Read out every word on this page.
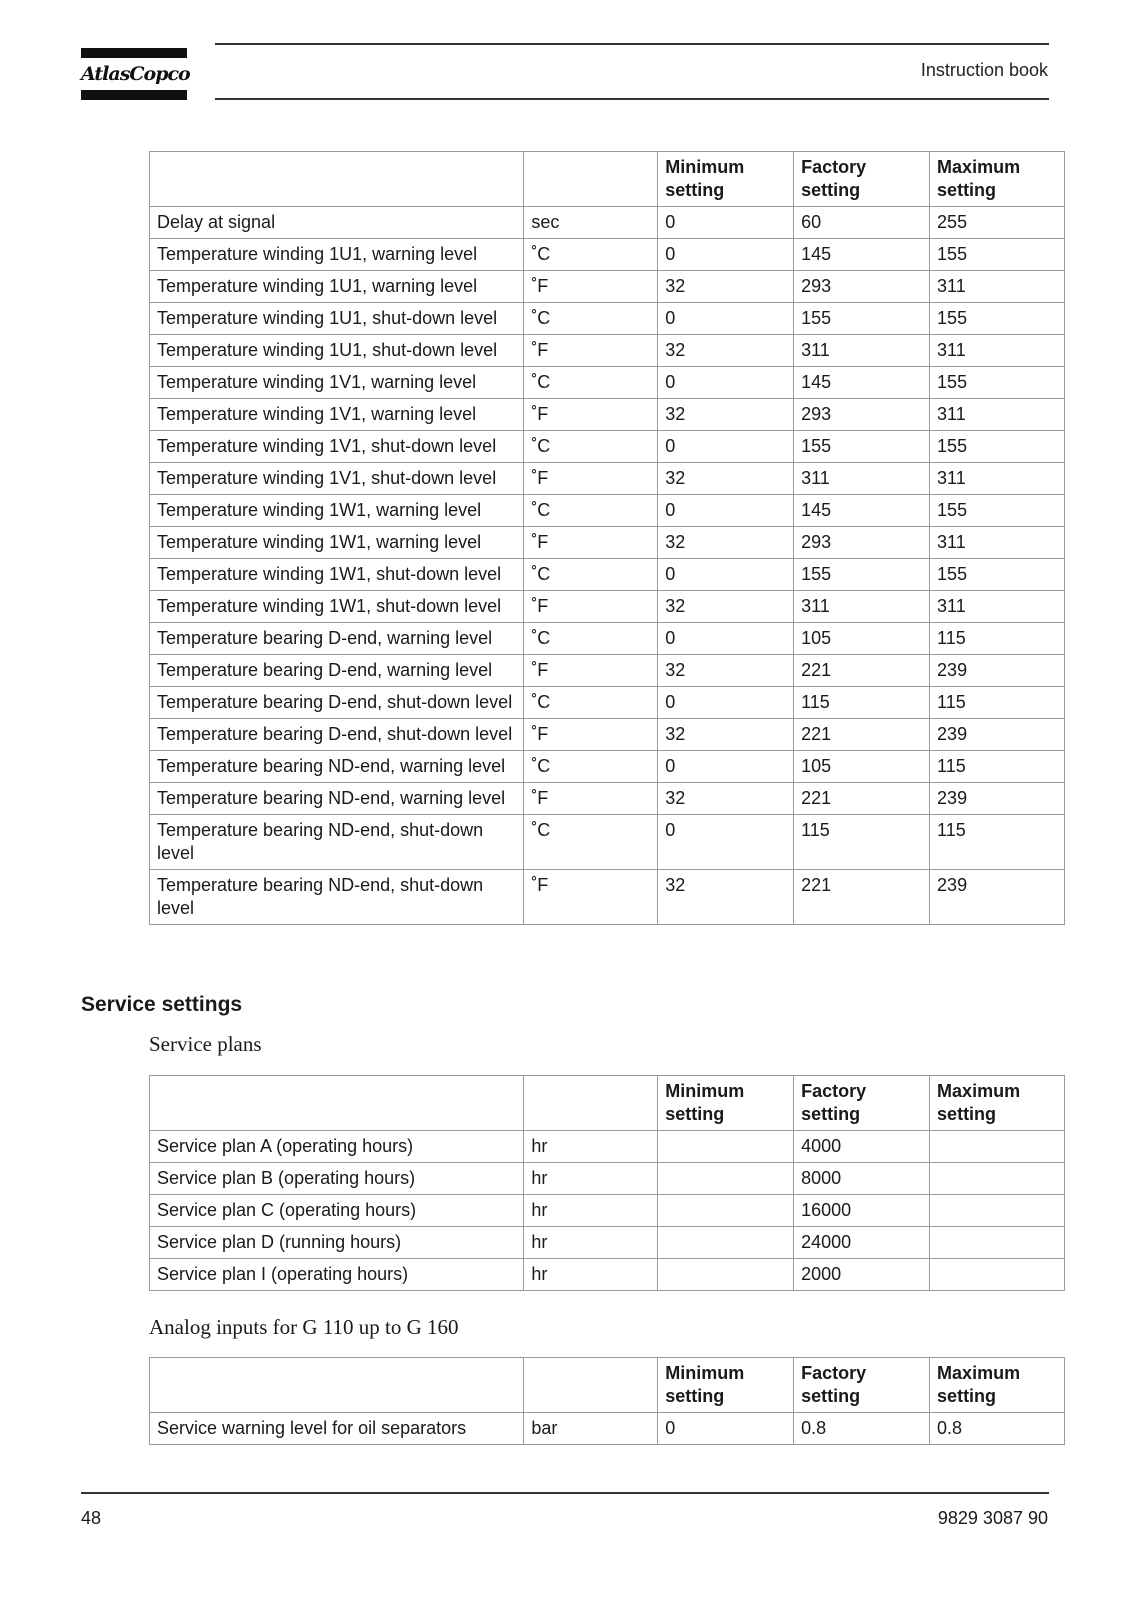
AtlasCopco	Instruction book
		Minimum setting	Factory setting	Maximum setting
Delay at signal	sec	0	60	255
Temperature winding 1U1, warning level	˚C	0	145	155
Temperature winding 1U1, warning level	˚F	32	293	311
Temperature winding 1U1, shut-down level	˚C	0	155	155
Temperature winding 1U1, shut-down level	˚F	32	311	311
Temperature winding 1V1, warning level	˚C	0	145	155
Temperature winding 1V1, warning level	˚F	32	293	311
Temperature winding 1V1, shut-down level	˚C	0	155	155
Temperature winding 1V1, shut-down level	˚F	32	311	311
Temperature winding 1W1, warning level	˚C	0	145	155
Temperature winding 1W1, warning level	˚F	32	293	311
Temperature winding 1W1, shut-down level	˚C	0	155	155
Temperature winding 1W1, shut-down level	˚F	32	311	311
Temperature bearing D-end, warning level	˚C	0	105	115
Temperature bearing D-end, warning level	˚F	32	221	239
Temperature bearing D-end, shut-down level	˚C	0	115	115
Temperature bearing D-end, shut-down level	˚F	32	221	239
Temperature bearing ND-end, warning level	˚C	0	105	115
Temperature bearing ND-end, warning level	˚F	32	221	239
Temperature bearing ND-end, shut-down level	˚C	0	115	115
Temperature bearing ND-end, shut-down level	˚F	32	221	239
Service settings
Service plans
		Minimum setting	Factory setting	Maximum setting
Service plan A (operating hours)	hr		4000	
Service plan B (operating hours)	hr		8000	
Service plan C (operating hours)	hr		16000	
Service plan D (running hours)	hr		24000	
Service plan I (operating hours)	hr		2000	
Analog inputs for G 110 up to G 160
		Minimum setting	Factory setting	Maximum setting
Service warning level for oil separators	bar	0	0.8	0.8
48	9829 3087 90
